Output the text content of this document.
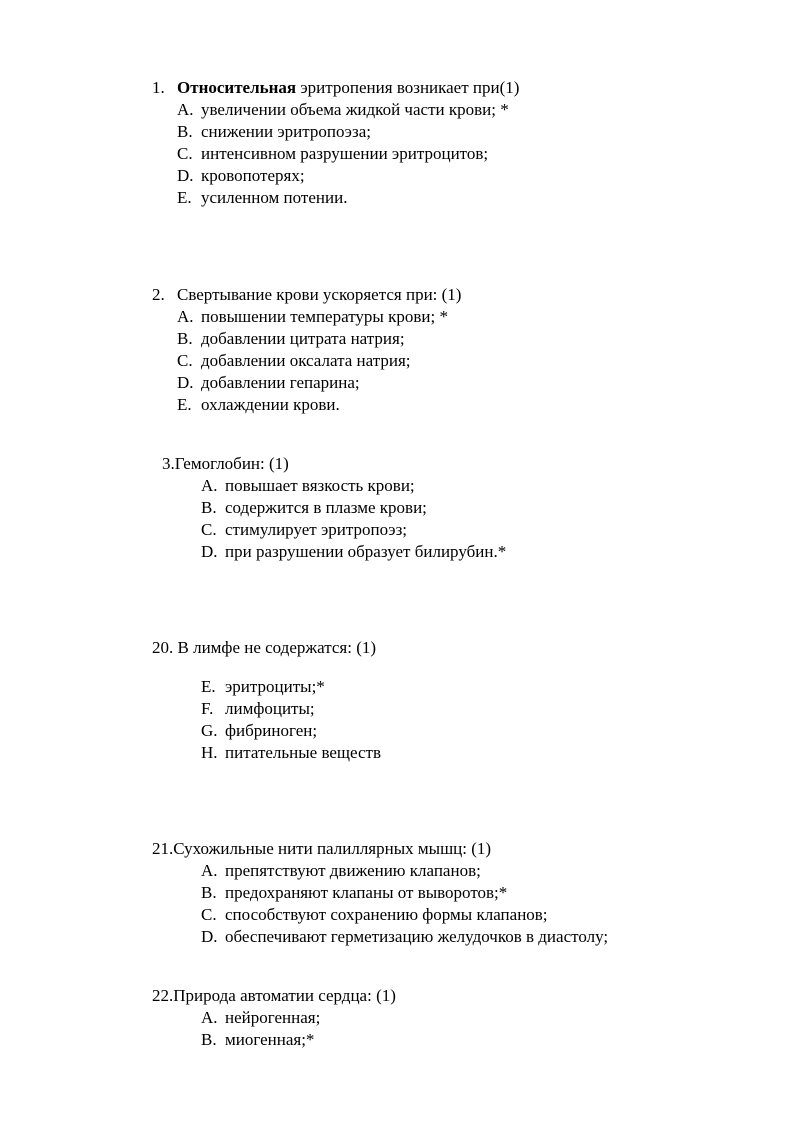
1. Относительная эритропения возникает при(1)
A. увеличении объема жидкой части крови; *
B. снижении эритропоэза;
C. интенсивном разрушении эритроцитов;
D. кровопотерях;
E. усиленном потении.
2. Свертывание крови ускоряется при: (1)
A. повышении температуры крови; *
B. добавлении цитрата натрия;
C. добавлении оксалата натрия;
D. добавлении гепарина;
E. охлаждении крови.
3.Гемоглобин: (1)
A. повышает вязкость крови;
B. содержится в плазме крови;
C. стимулирует эритропоэз;
D. при разрушении образует билирубин.*
20. В лимфе не содержатся: (1)
E. эритроциты;*
F. лимфоциты;
G. фибриноген;
H. питательные веществ
21.Сухожильные нити палиллярных мышц: (1)
A. препятствуют движению клапанов;
B. предохраняют клапаны от выворотов;*
C. способствуют сохранению формы клапанов;
D. обеспечивают герметизацию желудочков в диастолу;
22.Природа автоматии сердца: (1)
A. нейрогенная;
B. миогенная;*
